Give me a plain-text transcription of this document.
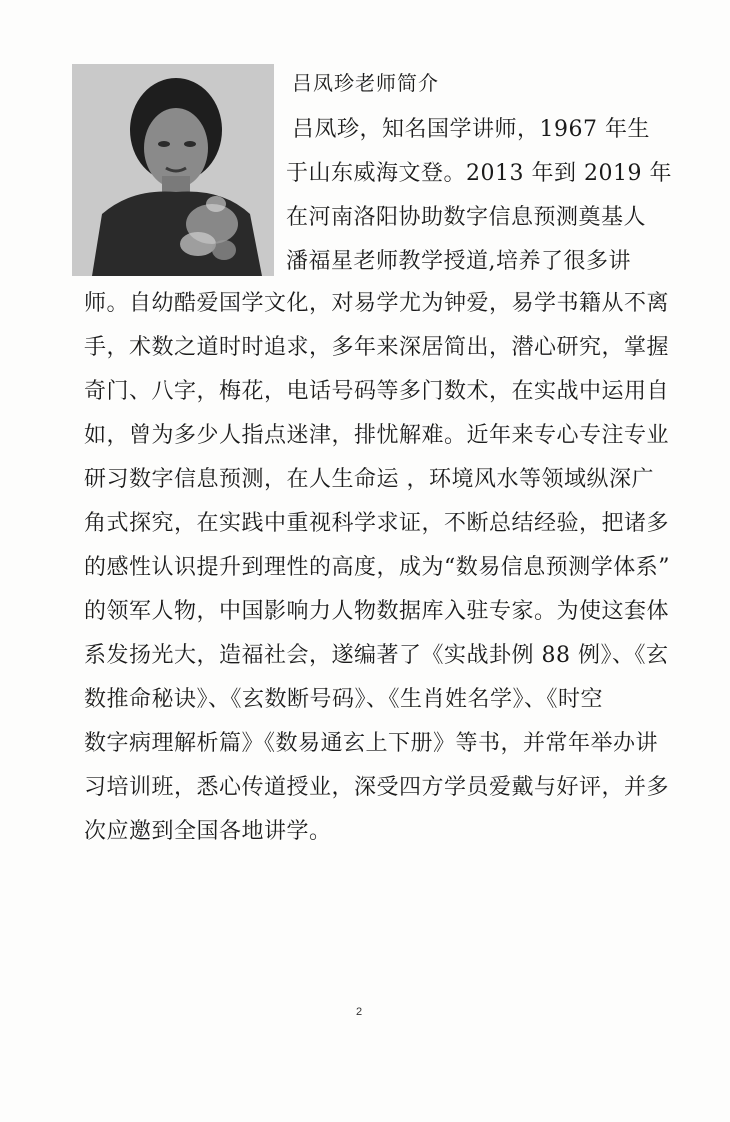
吕凤珍老师简介
吕凤珍，知名国学讲师，1967 年生
于山东威海文登。2013 年到 2019 年
在河南洛阳协助数字信息预测奠基人
潘福星老师教学授道,培养了很多讲
师。自幼酷爱国学文化，对易学尤为钟爱，易学书籍从不离
手，术数之道时时追求，多年来深居简出，潜心研究，掌握
奇门、八字，梅花，电话号码等多门数术，在实战中运用自
如，曾为多少人指点迷津，排忧解难。近年来专心专注专业
研习数字信息预测，在人生命运 ，环境风水等领域纵深广
角式探究，在实践中重视科学求证，不断总结经验，把诸多
的感性认识提升到理性的高度，成为“数易信息预测学体系”
的领军人物，中国影响力人物数据库入驻专家。为使这套体
系发扬光大，造福社会，遂编著了《实战卦例 88 例》、《玄
数推命秘诀》、《玄数断号码》、《生肖姓名学》、《时空
数字病理解析篇》《数易通玄上下册》等书，并常年举办讲
习培训班，悉心传道授业，深受四方学员爱戴与好评，并多
次应邀到全国各地讲学。
2
